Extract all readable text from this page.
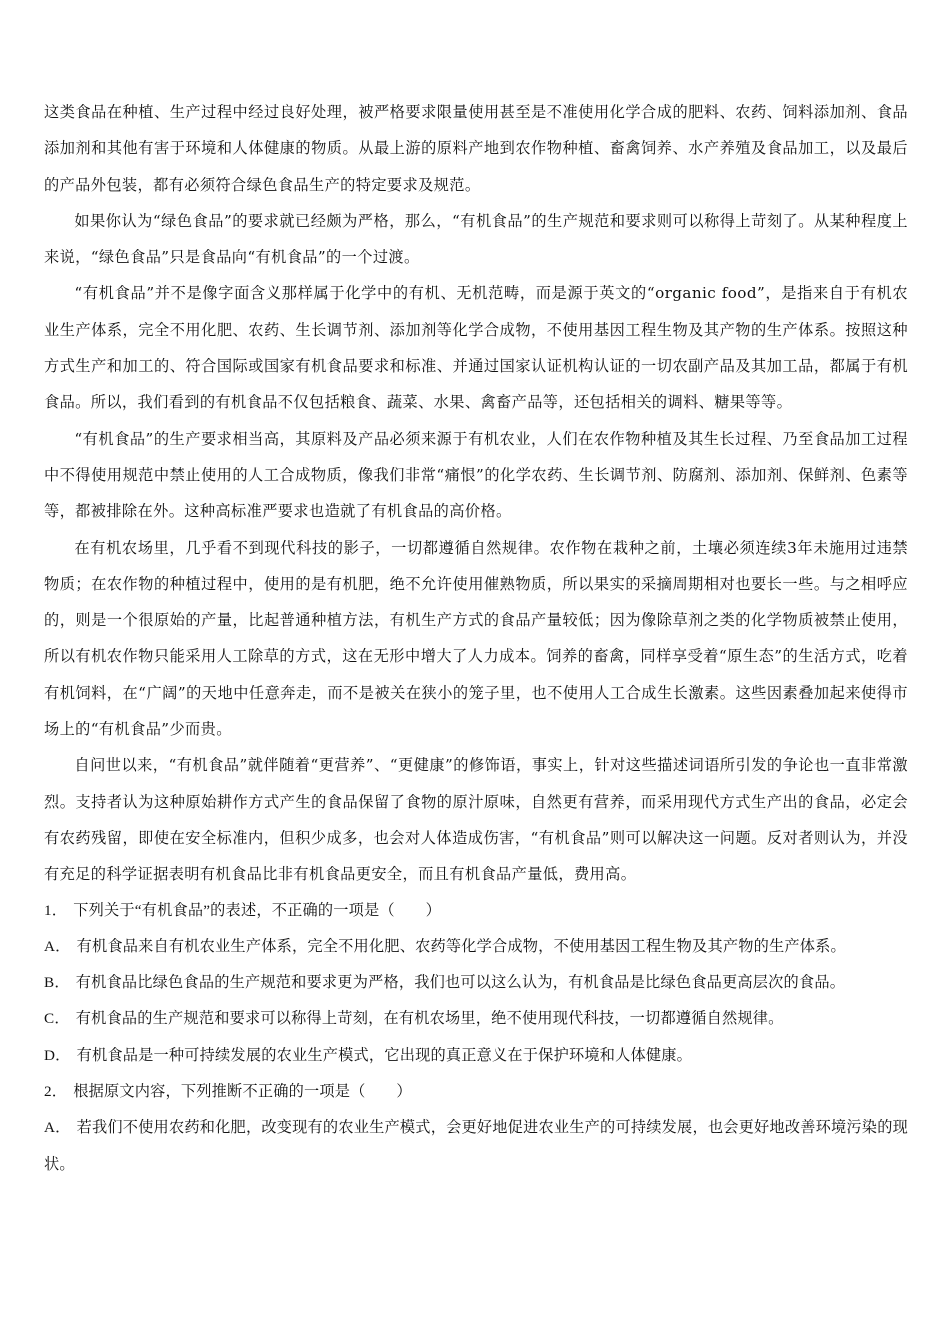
这类食品在种植、生产过程中经过良好处理，被严格要求限量使用甚至是不准使用化学合成的肥料、农药、饲料添加剂、食品添加剂和其他有害于环境和人体健康的物质。从最上游的原料产地到农作物种植、畜禽饲养、水产养殖及食品加工，以及最后的产品外包装，都有必须符合绿色食品生产的特定要求及规范。

如果你认为“绿色食品”的要求就已经颇为严格，那么，“有机食品”的生产规范和要求则可以称得上苛刻了。从某种程度上来说，“绿色食品”只是食品向“有机食品”的一个过渡。

“有机食品”并不是像字面含义那样属于化学中的有机、无机范畴，而是源于英文的“organic food”，是指来自于有机农业生产体系，完全不用化肥、农药、生长调节剂、添加剂等化学合成物，不使用基因工程生物及其产物的生产体系。按照这种方式生产和加工的、符合国际或国家有机食品要求和标准、并通过国家认证机构认证的一切农副产品及其加工品，都属于有机食品。所以，我们看到的有机食品不仅包括粮食、蔬菜、水果、禽畜产品等，还包括相关的调料、糖果等等。

“有机食品”的生产要求相当高，其原料及产品必须来源于有机农业，人们在农作物种植及其生长过程、乃至食品加工过程中不得使用规范中禁止使用的人工合成物质，像我们非常“痛恨”的化学农药、生长调节剂、防腐剂、添加剂、保鲜剂、色素等等，都被排除在外。这种高标准严要求也造就了有机食品的高价格。

在有机农场里，几乎看不到现代科技的影子，一切都遵循自然规律。农作物在栽种之前，土壤必须连续3年未施用过违禁物质；在农作物的种植过程中，使用的是有机肥，绝不允许使用催熟物质，所以果实的采摘周期相对也要长一些。与之相呼应的，则是一个很原始的产量，比起普通种植方法，有机生产方式的食品产量较低；因为像除草剂之类的化学物质被禁止使用，所以有机农作物只能采用人工除草的方式，这在无形中增大了人力成本。饲养的畜禽，同样享受着“原生态”的生活方式，吃着有机饲料，在“广阔”的天地中任意奔走，而不是被关在狭小的笼子里，也不使用人工合成生长激素。这些因素叠加起来使得市场上的“有机食品”少而贵。

自问世以来，“有机食品”就伴随着“更营养”、“更健康”的修饰语，事实上，针对这些描述词语所引发的争论也一直非常激烈。支持者认为这种原始耕作方式产生的食品保留了食物的原汁原味，自然更有营养，而采用现代方式生产出的食品，必定会有农药残留，即使在安全标准内，但积少成多，也会对人体造成伤害，“有机食品”则可以解决这一问题。反对者则认为，并没有充足的科学证据表明有机食品比非有机食品更安全，而且有机食品产量低，费用高。

1． 下列关于“有机食品”的表述，不正确的一项是（　　）

A． 有机食品来自有机农业生产体系，完全不用化肥、农药等化学合成物，不使用基因工程生物及其产物的生产体系。

B． 有机食品比绿色食品的生产规范和要求更为严格，我们也可以这么认为，有机食品是比绿色食品更高层次的食品。

C． 有机食品的生产规范和要求可以称得上苛刻，在有机农场里，绝不使用现代科技，一切都遵循自然规律。

D． 有机食品是一种可持续发展的农业生产模式，它出现的真正意义在于保护环境和人体健康。

2． 根据原文内容，下列推断不正确的一项是（　　）

A． 若我们不使用农药和化肥，改变现有的农业生产模式，会更好地促进农业生产的可持续发展，也会更好地改善环境污染的现状。
